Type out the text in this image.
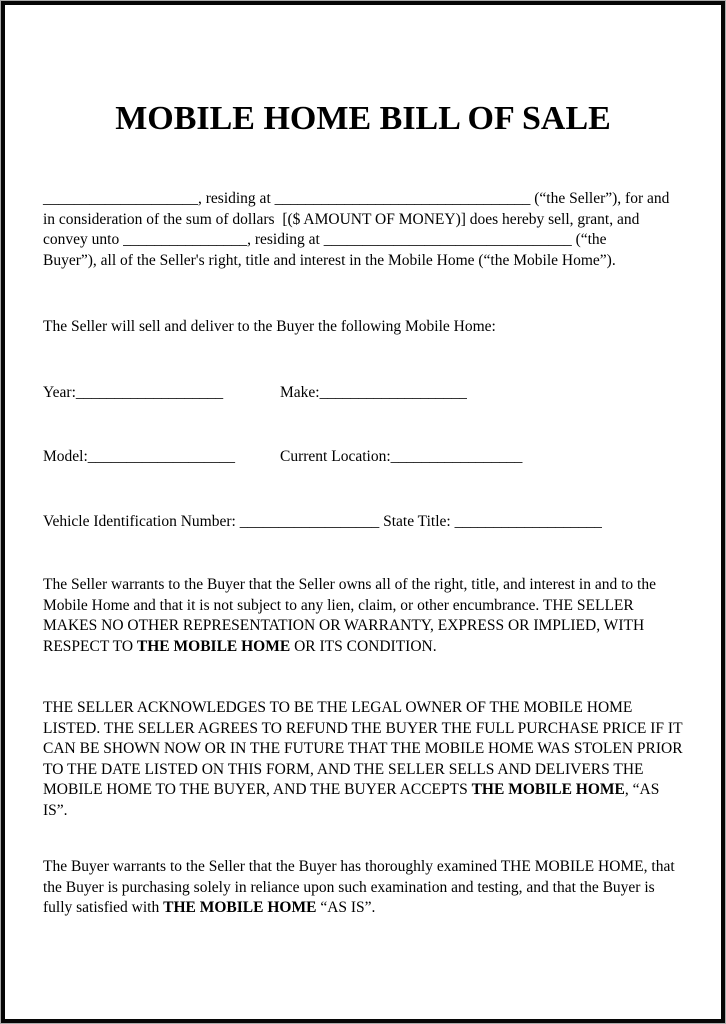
MOBILE HOME BILL OF SALE
____________________, residing at _________________________________ (“the Seller”), for and
in consideration of the sum of dollars  [($ AMOUNT OF MONEY)] does hereby sell, grant, and
convey unto ________________, residing at ________________________________ (“the
Buyer”), all of the Seller's right, title and interest in the Mobile Home (“the Mobile Home”).
The Seller will sell and deliver to the Buyer the following Mobile Home:
Year:___________________	Make:___________________
Model:___________________	Current Location:_________________
Vehicle Identification Number: __________________ State Title: ___________________
The Seller warrants to the Buyer that the Seller owns all of the right, title, and interest in and to the
Mobile Home and that it is not subject to any lien, claim, or other encumbrance. THE SELLER
MAKES NO OTHER REPRESENTATION OR WARRANTY, EXPRESS OR IMPLIED, WITH
RESPECT TO THE MOBILE HOME OR ITS CONDITION.
THE SELLER ACKNOWLEDGES TO BE THE LEGAL OWNER OF THE MOBILE HOME
LISTED. THE SELLER AGREES TO REFUND THE BUYER THE FULL PURCHASE PRICE IF IT
CAN BE SHOWN NOW OR IN THE FUTURE THAT THE MOBILE HOME WAS STOLEN PRIOR
TO THE DATE LISTED ON THIS FORM, AND THE SELLER SELLS AND DELIVERS THE
MOBILE HOME TO THE BUYER, AND THE BUYER ACCEPTS THE MOBILE HOME, “AS
IS”.
The Buyer warrants to the Seller that the Buyer has thoroughly examined THE MOBILE HOME, that
the Buyer is purchasing solely in reliance upon such examination and testing, and that the Buyer is
fully satisfied with THE MOBILE HOME “AS IS”.
